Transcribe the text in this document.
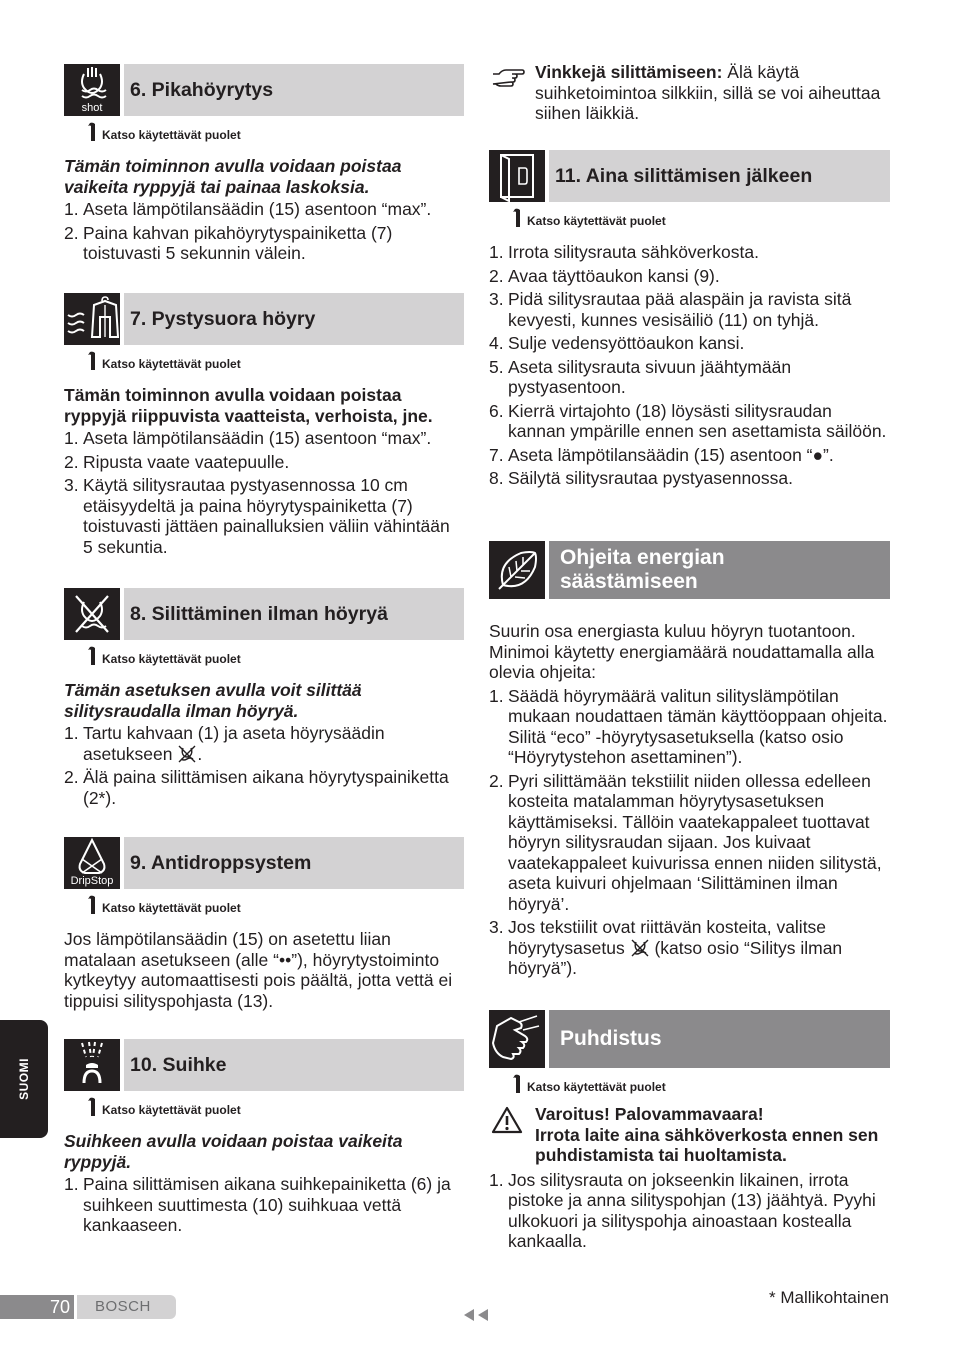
shot
6. Pikahöyrytys
Katso käytettävät puolet

Tämän toiminnon avulla voidaan poistaa vaikeita ryppyjä tai painaa laskoksia.

1. Aseta lämpötilansäädin (15) asentoon “max”.
2. Paina kahvan pikahöyrytyspainiketta (7) toistuvasti 5 sekunnin välein.
7. Pystysuora höyry
Katso käytettävät puolet

Tämän toiminnon avulla voidaan poistaa ryppyjä riippuvista vaatteista, verhoista, jne.

1. Aseta lämpötilansäädin (15) asentoon “max”.
2. Ripusta vaate vaatepuulle.
3. Käytä silitysrautaa pystyasennossa 10 cm etäisyydeltä ja paina höyrytyspainiketta (7) toistuvasti jättäen painalluksien väliin vähintään 5 sekuntia.
8. Silittäminen ilman höyryä
Katso käytettävät puolet

Tämän asetuksen avulla voit silittää silitysraudalla ilman höyryä.

1. Tartu kahvaan (1) ja aseta höyrysäädin asetukseen .
2. Älä paina silittämisen aikana höyrytyspainiketta (2*).
DripStop
9. Antidroppsystem
Katso käytettävät puolet

Jos lämpötilansäädin (15) on asetettu liian matalaan asetukseen (alle “••”), höyrytystoiminto kytkeytyy automaattisesti pois päältä, jotta vettä ei tippuisi silityspohjasta (13).

10. Suihke
Katso käytettävät puolet

Suihkeen avulla voidaan poistaa vaikeita ryppyjä.

1. Paina silittämisen aikana suihkepainiketta (6) ja suihkeen suuttimesta (10) suihkuaa vettä kankaaseen.

Vinkkejä silittämiseen: Älä käytä suihketoimintoa silkkiin, sillä se voi aiheuttaa siihen läikkiä.

11. Aina silittämisen jälkeen
Katso käytettävät puolet
1. Irrota silitysrauta sähköverkosta.
2. Avaa täyttöaukon kansi (9).
3. Pidä silitysrautaa pää alaspäin ja ravista sitä kevyesti, kunnes vesisäiliö (11) on tyhjä.
4. Sulje vedensyöttöaukon kansi.
5. Aseta silitysrauta sivuun jäähtymään pystyasentoon.
6. Kierrä virtajohto (18) löysästi silitysraudan kannan ympärille ennen sen asettamista säilöön.
7. Aseta lämpötilansäädin (15) asentoon “●”.
8. Säilytä silitysrautaa pystyasennossa.
Ohjeita energian säästämiseen

Suurin osa energiasta kuluu höyryn tuotantoon. Minimoi käytetty energiamäärä noudattamalla alla olevia ohjeita:

1. Säädä höyrymäärä valitun silityslämpötilan mukaan noudattaen tämän käyttöoppaan ohjeita. Silitä “eco” -höyrytysasetuksella (katso osio “Höyrytystehon asettaminen”).
2. Pyri silittämään tekstiilit niiden ollessa edelleen kosteita matalamman höyrytysasetuksen käyttämiseksi. Tällöin vaatekappaleet tuottavat höyryn silitysraudan sijaan. Jos kuivaat vaatekappaleet kuivurissa ennen niiden silitystä, aseta kuivuri ohjelmaan ‘Silittäminen ilman höyryä’.
3. Jos tekstiilit ovat riittävän kosteita, valitse höyrytysasetus (katso osio “Silitys ilman höyryä”).
Puhdistus
Katso käytettävät puolet

Varoitus! Palovammavaara!

Irrota laite aina sähköverkosta ennen sen puhdistamista tai huoltamista.

1. Jos silitysrauta on jokseenkin likainen, irrota pistoke ja anna silityspohjan (13) jäähtyä. Pyyhi ulkokuori ja silityspohja ainoastaan kostealla kankaalla.
SUOMI
70	BOSCH	* Mallikohtainen
